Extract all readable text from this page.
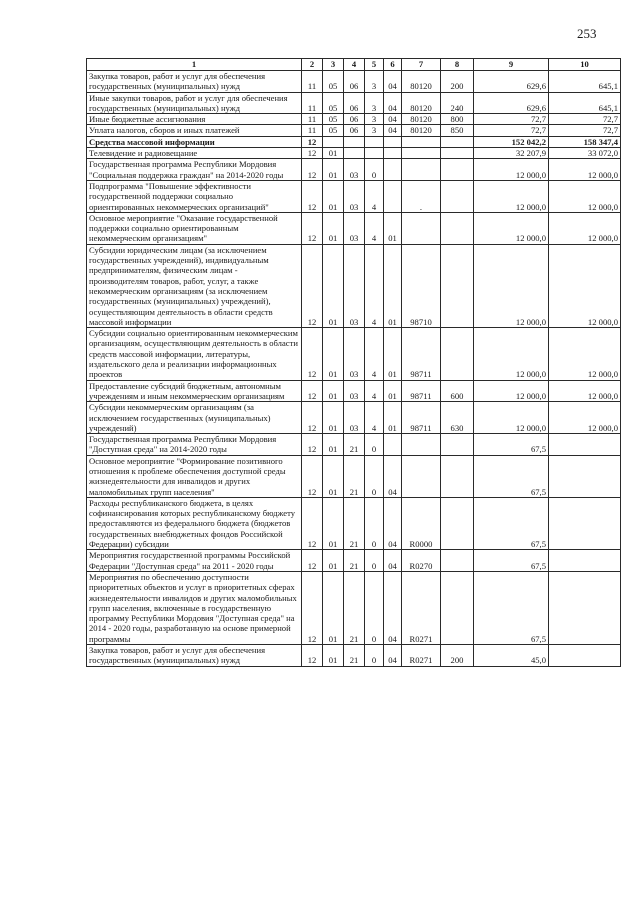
253
1	2	3	4	5	6	7	8	9	10
Закупка товаров, работ и услуг для обеспечения государственных (муниципальных) нужд	11	05	06	3	04	80120	200	629,6	645,1
Иные закупки товаров, работ и услуг для обеспечения государственных (муниципальных) нужд	11	05	06	3	04	80120	240	629,6	645,1
Иные бюджетные ассигнования	11	05	06	3	04	80120	800	72,7	72,7
Уплата налогов, сборов и иных платежей	11	05	06	3	04	80120	850	72,7	72,7
Средства массовой информации	12							152 042,2	158 347,4
Телевидение и радиовещание	12	01						32 207,9	33 072,0
Государственная программа Республики Мордовия "Социальная поддержка граждан" на 2014-2020 годы	12	01	03	0				12 000,0	12 000,0
Подпрограмма "Повышение эффективности государственной поддержки социально ориентированных некоммерческих организаций"	12	01	03	4		.		12 000,0	12 000,0
Основное мероприятие "Оказание государственной поддержки социально ориентированным некоммерческим организациям"	12	01	03	4	01			12 000,0	12 000,0
Субсидии юридическим лицам (за исключением государственных учреждений), индивидуальным предпринимателям, физическим лицам - производителям товаров, работ, услуг, а также некоммерческим организациям (за исключением государственных (муниципальных) учреждений), осуществляющим деятельность в области средств массовой информации	12	01	03	4	01	98710		12 000,0	12 000,0
Субсидии социально ориентированным некоммерческим организациям, осуществляющим деятельность в области средств массовой информации, литературы, издательского дела и реализации информационных проектов	12	01	03	4	01	98711		12 000,0	12 000,0
Предоставление субсидий бюджетным, автономным учреждениям и иным некоммерческим организациям	12	01	03	4	01	98711	600	12 000,0	12 000,0
Субсидии некоммерческим организациям (за исключением государственных (муниципальных) учреждений)	12	01	03	4	01	98711	630	12 000,0	12 000,0
Государственная программа Республики Мордовия "Доступная среда" на 2014-2020 годы	12	01	21	0				67,5	
Основное мероприятие "Формирование позитивного отношения к проблеме обеспечения доступной среды жизнедеятельности для инвалидов и других маломобильных групп населения"	12	01	21	0	04			67,5	
Расходы республиканского бюджета, в целях софинансирования которых республиканскому бюджету предоставляются из федерального бюджета (бюджетов государственных внебюджетных фондов Российской Федерации) субсидии	12	01	21	0	04	R0000		67,5	
Мероприятия государственной программы Российской Федерации "Доступная среда" на 2011 - 2020 годы	12	01	21	0	04	R0270		67,5	
Мероприятия по обеспечению доступности приоритетных объектов и услуг в приоритетных сферах жизнедеятельности инвалидов и других маломобильных групп населения, включенные в государственную программу Республики Мордовия "Доступная среда" на 2014 - 2020 годы, разработанную на основе примерной программы	12	01	21	0	04	R0271		67,5	
Закупка товаров, работ и услуг для обеспечения государственных (муниципальных) нужд	12	01	21	0	04	R0271	200	45,0	
